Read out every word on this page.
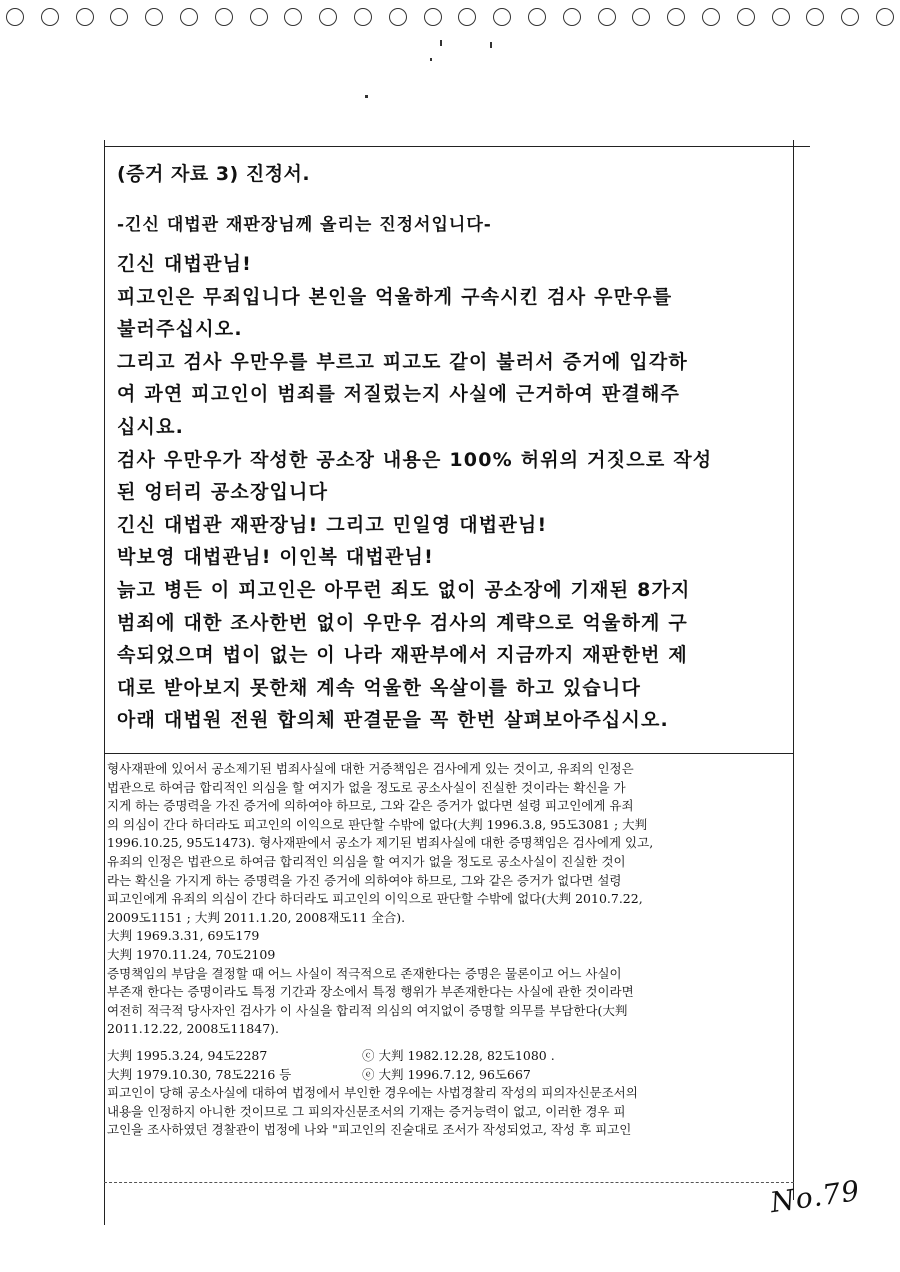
(증거 자료 3) 진정서.
-긴신 대법관 재판장님께 올리는 진정서입니다-
긴신 대법관님!
피고인은 무죄입니다 본인을 억울하게 구속시킨 검사 우만우를
불러주십시오.
그리고 검사 우만우를 부르고 피고도 같이 불러서 증거에 입각하
여 과연 피고인이 범죄를 저질렀는지 사실에 근거하여 판결해주
십시요.
검사 우만우가 작성한 공소장 내용은 100% 허위의 거짓으로 작성
된 엉터리 공소장입니다
긴신 대법관 재판장님! 그리고 민일영 대법관님!
박보영 대법관님! 이인복 대법관님!
늙고 병든 이 피고인은 아무런 죄도 없이 공소장에 기재된 8가지
범죄에 대한 조사한번 없이 우만우 검사의 계략으로 억울하게 구
속되었으며 법이 없는 이 나라 재판부에서 지금까지 재판한번 제
대로 받아보지 못한채 계속 억울한 옥살이를 하고 있습니다
아래 대법원 전원 합의체 판결문을 꼭 한번 살펴보아주십시오.
형사재판에 있어서 공소제기된 범죄사실에 대한 거증책임은 검사에게 있는 것이고, 유죄의 인정은
법관으로 하여금 합리적인 의심을 할 여지가 없을 정도로 공소사실이 진실한 것이라는 확신을 가
지게 하는 증명력을 가진 증거에 의하여야 하므로, 그와 같은 증거가 없다면 설령 피고인에게 유죄
의 의심이 간다 하더라도 피고인의 이익으로 판단할 수밖에 없다(大判 1996.3.8, 95도3081 ; 大判
1996.10.25, 95도1473). 형사재판에서 공소가 제기된 범죄사실에 대한 증명책임은 검사에게 있고,
유죄의 인정은 법관으로 하여금 합리적인 의심을 할 여지가 없을 정도로 공소사실이 진실한 것이
라는 확신을 가지게 하는 증명력을 가진 증거에 의하여야 하므로, 그와 같은 증거가 없다면 설령
피고인에게 유죄의 의심이 간다 하더라도 피고인의 이익으로 판단할 수밖에 없다(大判 2010.7.22,
2009도1151 ; 大判 2011.1.20, 2008재도11 全合).
大判 1969.3.31, 69도179
大判 1970.11.24, 70도2109
증명책임의 부담을 결정할 때 어느 사실이 적극적으로 존재한다는 증명은 물론이고 어느 사실이
부존재 한다는 증명이라도 특정 기간과 장소에서 특정 행위가 부존재한다는 사실에 관한 것이라면
여전히 적극적 당사자인 검사가 이 사실을 합리적 의심의 여지없이 증명할 의무를 부담한다(大判
2011.12.22, 2008도11847).
大判 1995.3.24, 94도2287	ⓒ 大判 1982.12.28, 82도1080 .
大判 1979.10.30, 78도2216 등	ⓔ 大判 1996.7.12, 96도667
피고인이 당해 공소사실에 대하여 법정에서 부인한 경우에는 사법경찰리 작성의 피의자신문조서의
내용을 인정하지 아니한 것이므로 그 피의자신문조서의 기재는 증거능력이 없고, 이러한 경우 피
고인을 조사하였던 경찰관이 법정에 나와 "피고인의 진술대로 조서가 작성되었고, 작성 후 피고인
No.79
